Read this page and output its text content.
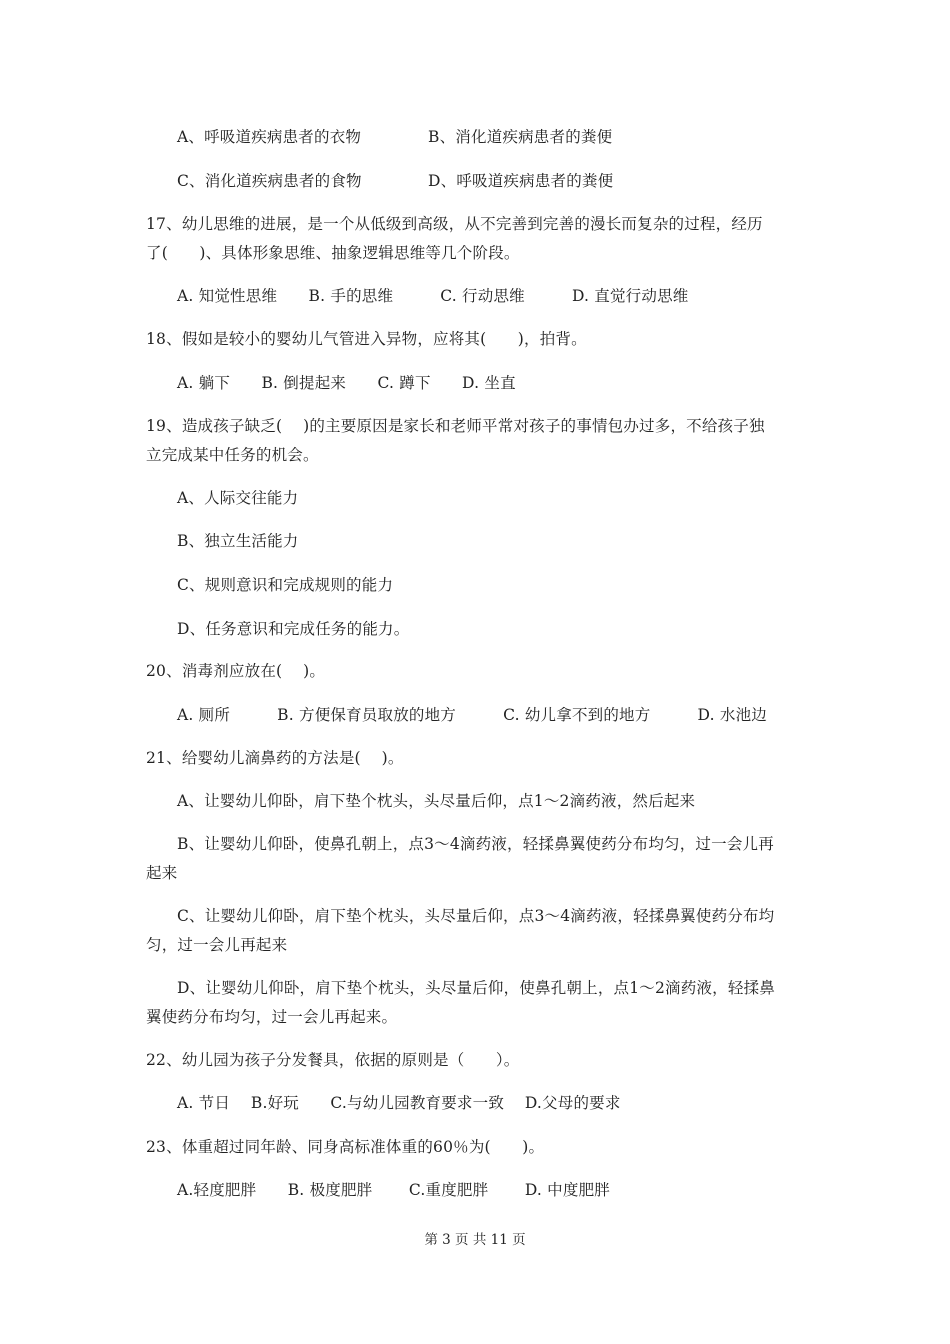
A、呼吸道疾病患者的衣物	B、消化道疾病患者的粪便
C、消化道疾病患者的食物	D、呼吸道疾病患者的粪便
17、幼儿思维的进展，是一个从低级到高级，从不完善到完善的漫长而复杂的过程，经历
了(　　)、具体形象思维、抽象逻辑思维等几个阶段。
A. 知觉性思维　　B. 手的思维　　　C. 行动思维　　　D. 直觉行动思维
18、假如是较小的婴幼儿气管进入异物，应将其(　　)，拍背。
A. 躺下　　B. 倒提起来　　C. 蹲下　　D. 坐直
19、造成孩子缺乏(　 )的主要原因是家长和老师平常对孩子的事情包办过多，不给孩子独
立完成某中任务的机会。
A、人际交往能力
B、独立生活能力
C、规则意识和完成规则的能力
D、任务意识和完成任务的能力。
20、消毒剂应放在(　 )。
A. 厕所　　　B. 方便保育员取放的地方　　　C. 幼儿拿不到的地方　　　D. 水池边
21、给婴幼儿滴鼻药的方法是(　 )。
A、让婴幼儿仰卧，肩下垫个枕头，头尽量后仰，点1～2滴药液，然后起来
B、让婴幼儿仰卧，使鼻孔朝上，点3～4滴药液，轻揉鼻翼使药分布均匀，过一会儿再
起来
C、让婴幼儿仰卧，肩下垫个枕头，头尽量后仰，点3～4滴药液，轻揉鼻翼使药分布均
匀，过一会儿再起来
D、让婴幼儿仰卧，肩下垫个枕头，头尽量后仰，使鼻孔朝上，点1～2滴药液，轻揉鼻
翼使药分布均匀，过一会儿再起来。
22、幼儿园为孩子分发餐具，依据的原则是（　　）。
A. 节日　 B.好玩　　C.与幼儿园教育要求一致　 D.父母的要求
23、体重超过同年龄、同身高标准体重的60％为(　　)。
A.轻度肥胖　　B. 极度肥胖　　 C.重度肥胖　　 D. 中度肥胖
第 3 页 共 11 页
